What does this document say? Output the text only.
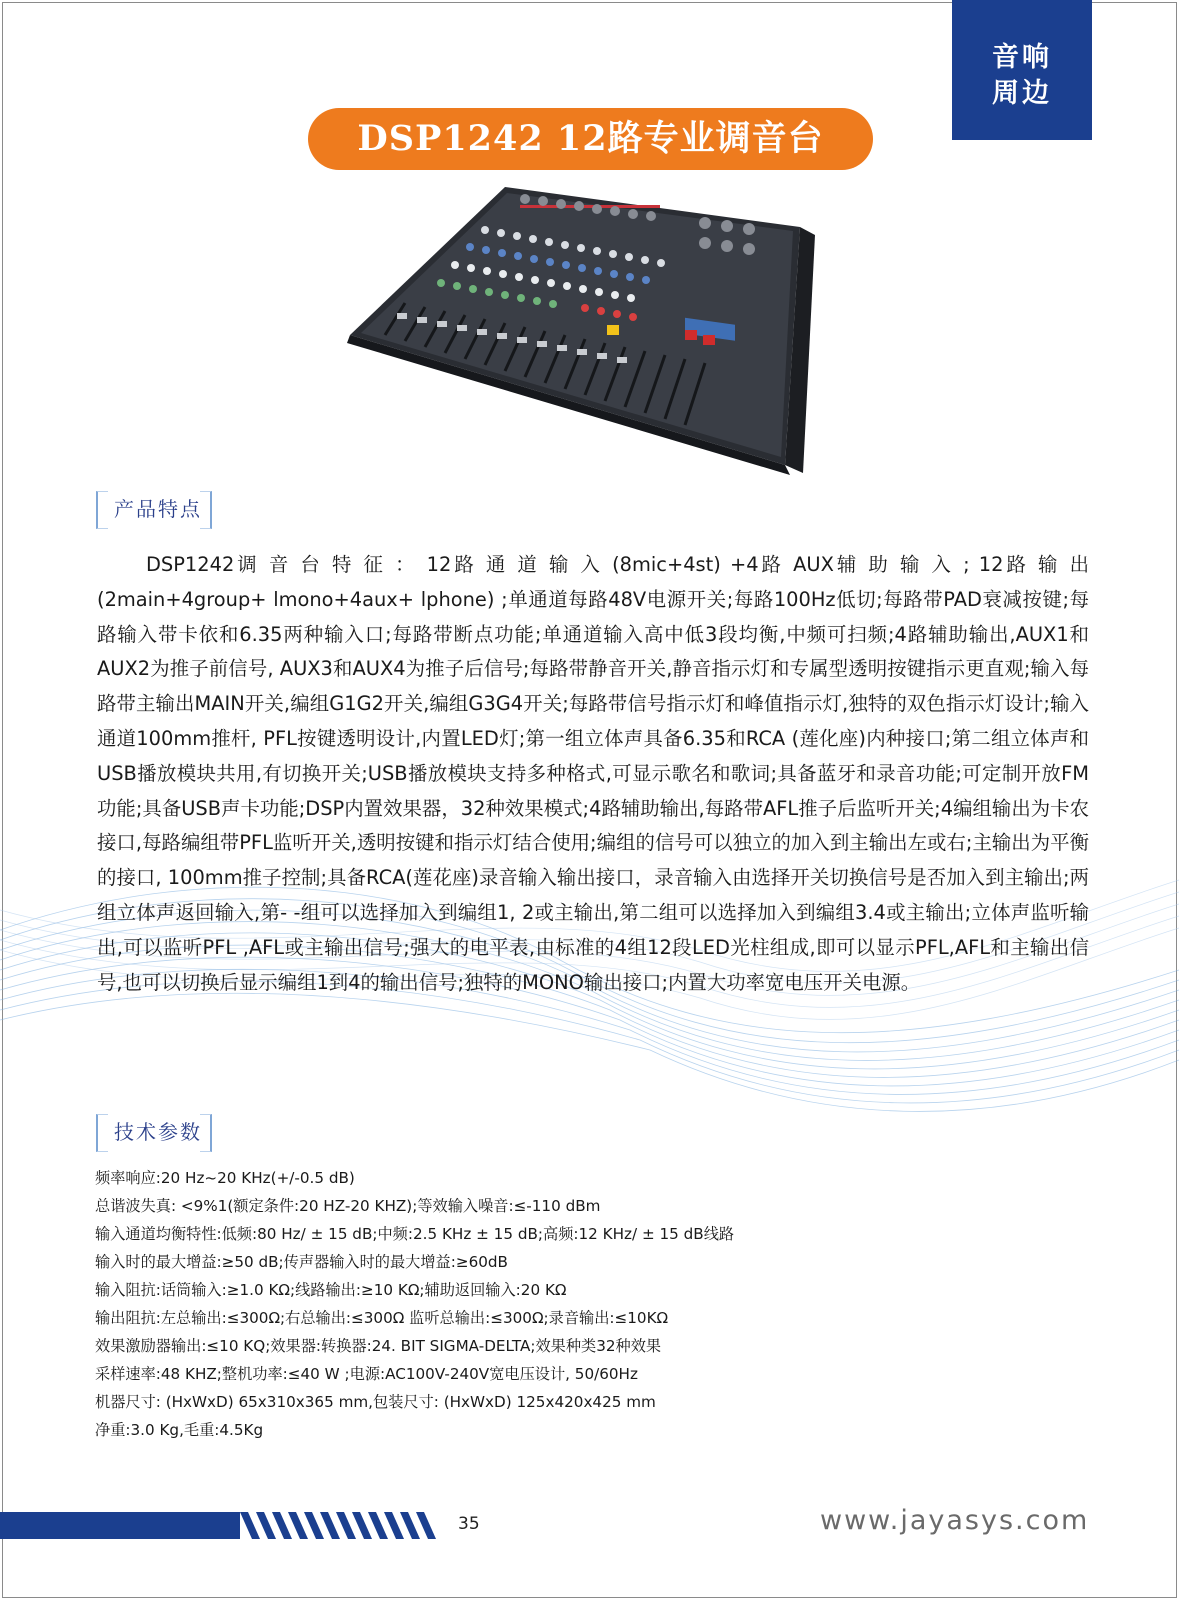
音响
周边
DSP1242 12路专业调音台
产品特点

DSP1242调 音 台 特 征 ： 12路 通 道 输 入 (8mic+4st) +4路 AUX辅 助 输 入 ; 12路 输 出 (2main+4group+ lmono+4aux+ lphone) ;单通道每路48V电源开关;每路100Hz低切;每路带PAD衰减按键;每路输入带卡依和6.35两种输入口;每路带断点功能;单通道输入高中低3段均衡,中频可扫频;4路辅助输出,AUX1和AUX2为推子前信号, AUX3和AUX4为推子后信号;每路带静音开关,静音指示灯和专属型透明按键指示更直观;输入每路带主输出MAIN开关,编组G1G2开关,编组G3G4开关;每路带信号指示灯和峰值指示灯,独特的双色指示灯设计;输入通道100mm推杆, PFL按键透明设计,内置LED灯;第一组立体声具备6.35和RCA (莲化座)内种接口;第二组立体声和USB播放模块共用,有切换开关;USB播放模块支持多种格式,可显示歌名和歌词;具备蓝牙和录音功能;可定制开放FM功能;具备USB声卡功能;DSP内置效果器，32种效果模式;4路辅助输出,每路带AFL推子后监听开关;4编组输出为卡农接口,每路编组带PFL监听开关,透明按键和指示灯结合使用;编组的信号可以独立的加入到主输出左或右;主输出为平衡的接口, 100mm推子控制;具备RCA(莲花座)录音输入输出接口，录音输入由选择开关切换信号是否加入到主输出;两组立体声返回输入,第- -组可以选择加入到编组1, 2或主输出,第二组可以选择加入到编组3.4或主输出;立体声监听输出,可以监听PFL ,AFL或主输出信号;强大的电平表,由标准的4组12段LED光柱组成,即可以显示PFL,AFL和主输出信号,也可以切换后显示编组1到4的输出信号;独特的MONO输出接口;内置大功率宽电压开关电源。

技术参数
频率响应:20 Hz~20 KHz(+/-0.5 dB)
总谐波失真: <9%1(额定条件:20 HZ-20 KHZ);等效输入噪音:≤-110 dBm
输入通道均衡特性:低频:80 Hz/ ± 15 dB;中频:2.5 KHz ± 15 dB;高频:12 KHz/ ± 15 dB线路
输入时的最大增益:≥50 dB;传声器输入时的最大增益:≥60dB
输入阻抗:话筒输入:≥1.0 KΩ;线路输出:≥10 KΩ;辅助返回输入:20 KΩ
输出阻抗:左总输出:≤300Ω;右总输出:≤300Ω 监听总输出:≤300Ω;录音输出:≤10KΩ
效果激励器输出:≤10 KQ;效果器:转换器:24. BIT SIGMA-DELTA;效果种类32种效果
采样速率:48 KHZ;整机功率:≤40 W ;电源:AC100V-240V宽电压设计, 50/60Hz
机器尺寸: (HxWxD) 65x310x365 mm,包装尺寸: (HxWxD) 125x420x425 mm
净重:3.0 Kg,毛重:4.5Kg
35	www.jayasys.com
